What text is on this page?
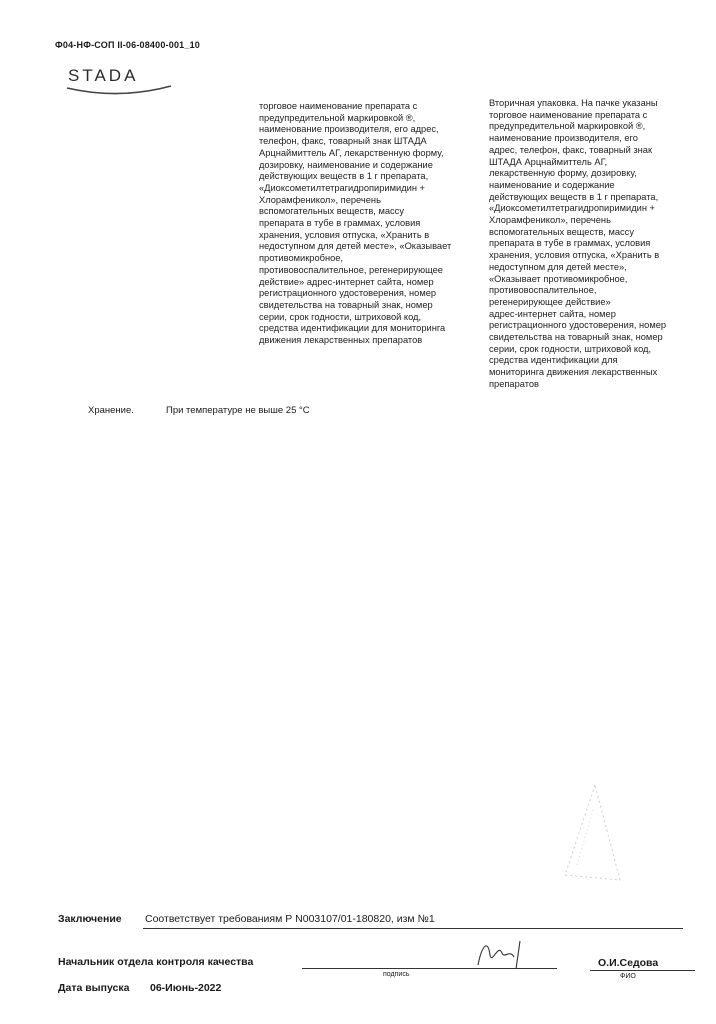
Ф04-НФ-СОП II-06-08400-001_10
STADA
торговое наименование препарата с
предупредительной маркировкой ®,
наименование производителя, его адрес,
телефон, факс, товарный знак ШТАДА
Арцнаймиттель АГ, лекарственную форму,
дозировку, наименование и содержание
действующих веществ в 1 г препарата,
«Диоксометилтетрагидропиримидин +
Хлорамфеникол», перечень
вспомогательных веществ, массу
препарата в тубе в граммах, условия
хранения, условия отпуска, «Хранить в
недоступном для детей месте», «Оказывает
противомикробное,
противовоспалительное, регенерирующее
действие» адрес-интернет сайта, номер
регистрационного удостоверения, номер
свидетельства на товарный знак, номер
серии, срок годности, штриховой код,
средства идентификации для мониторинга
движения лекарственных препаратов
Вторичная упаковка. На пачке указаны
торговое наименование препарата с
предупредительной маркировкой ®,
наименование производителя, его
адрес, телефон, факс, товарный знак
ШТАДА Арцнаймиттель АГ,
лекарственную форму, дозировку,
наименование и содержание
действующих веществ в 1 г препарата,
«Диоксометилтетрагидропиримидин +
Хлорамфеникол», перечень
вспомогательных веществ, массу
препарата в тубе в граммах, условия
хранения, условия отпуска, «Хранить в
недоступном для детей месте»,
«Оказывает противомикробное,
противовоспалительное,
регенерирующее действие»
адрес-интернет сайта, номер
регистрационного удостоверения, номер
свидетельства на товарный знак, номер
серии, срок годности, штриховой код,
средства идентификации для
мониторинга движения лекарственных
препаратов
Хранение.	При температуре не выше 25 °С
Заключение Соответствует требованиям Р N003107/01-180820, изм №1
Начальник отдела контроля качества
подпись
О.И.Седова
ФИО
Дата выпуска 06-Июнь-2022
